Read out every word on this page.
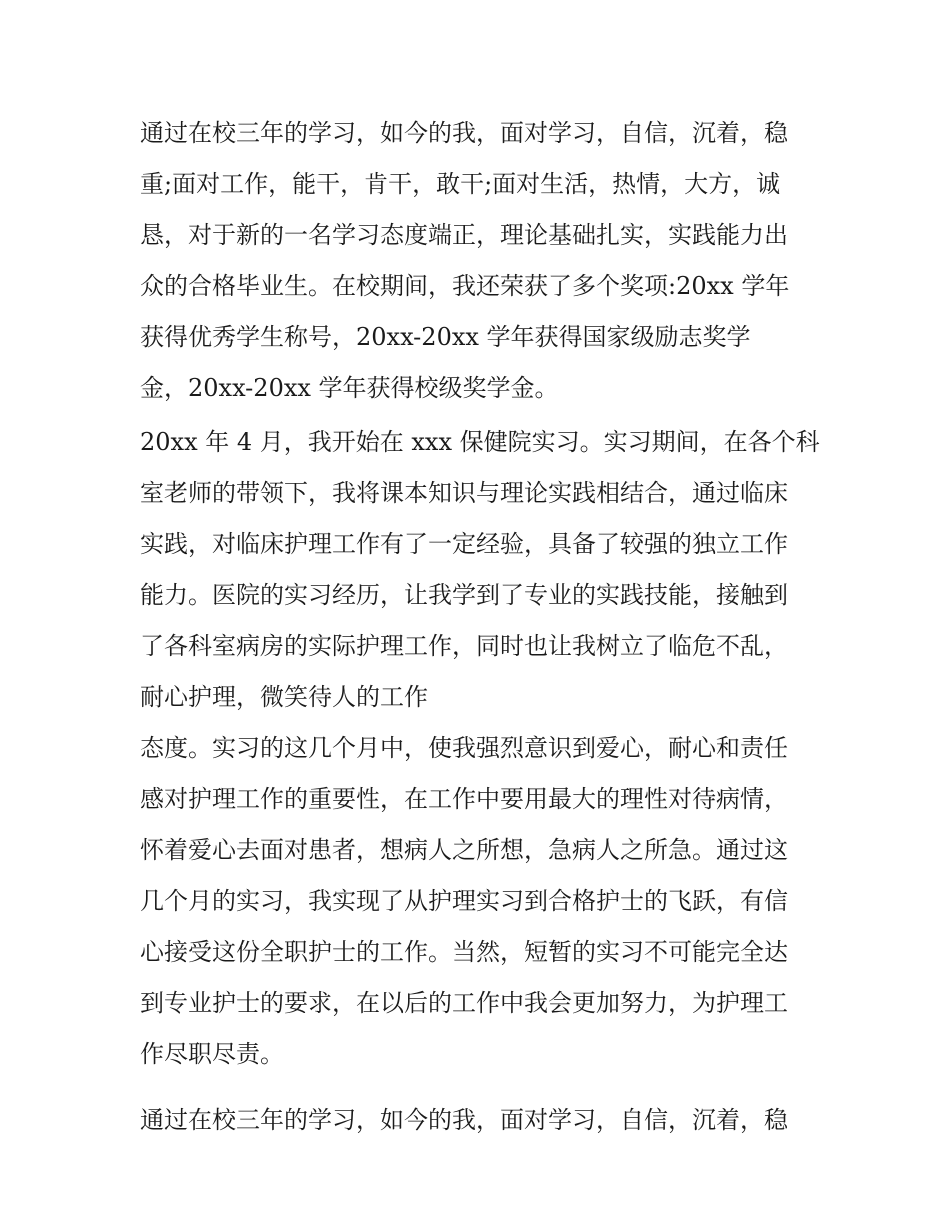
通过在校三年的学习，如今的我，面对学习，自信，沉着，稳
重;面对工作，能干，肯干，敢干;面对生活，热情，大方，诚
恳，对于新的一名学习态度端正，理论基础扎实，实践能力出
众的合格毕业生。在校期间，我还荣获了多个奖项:20xx 学年
获得优秀学生称号，20xx-20xx 学年获得国家级励志奖学
金，20xx-20xx 学年获得校级奖学金。
20xx 年 4 月，我开始在 xxx 保健院实习。实习期间，在各个科
室老师的带领下，我将课本知识与理论实践相结合，通过临床
实践，对临床护理工作有了一定经验，具备了较强的独立工作
能力。医院的实习经历，让我学到了专业的实践技能，接触到
了各科室病房的实际护理工作，同时也让我树立了临危不乱，
耐心护理，微笑待人的工作
态度。实习的这几个月中，使我强烈意识到爱心，耐心和责任
感对护理工作的重要性，在工作中要用最大的理性对待病情，
怀着爱心去面对患者，想病人之所想，急病人之所急。通过这
几个月的实习，我实现了从护理实习到合格护士的飞跃，有信
心接受这份全职护士的工作。当然，短暂的实习不可能完全达
到专业护士的要求，在以后的工作中我会更加努力，为护理工
作尽职尽责。
通过在校三年的学习，如今的我，面对学习，自信，沉着，稳
